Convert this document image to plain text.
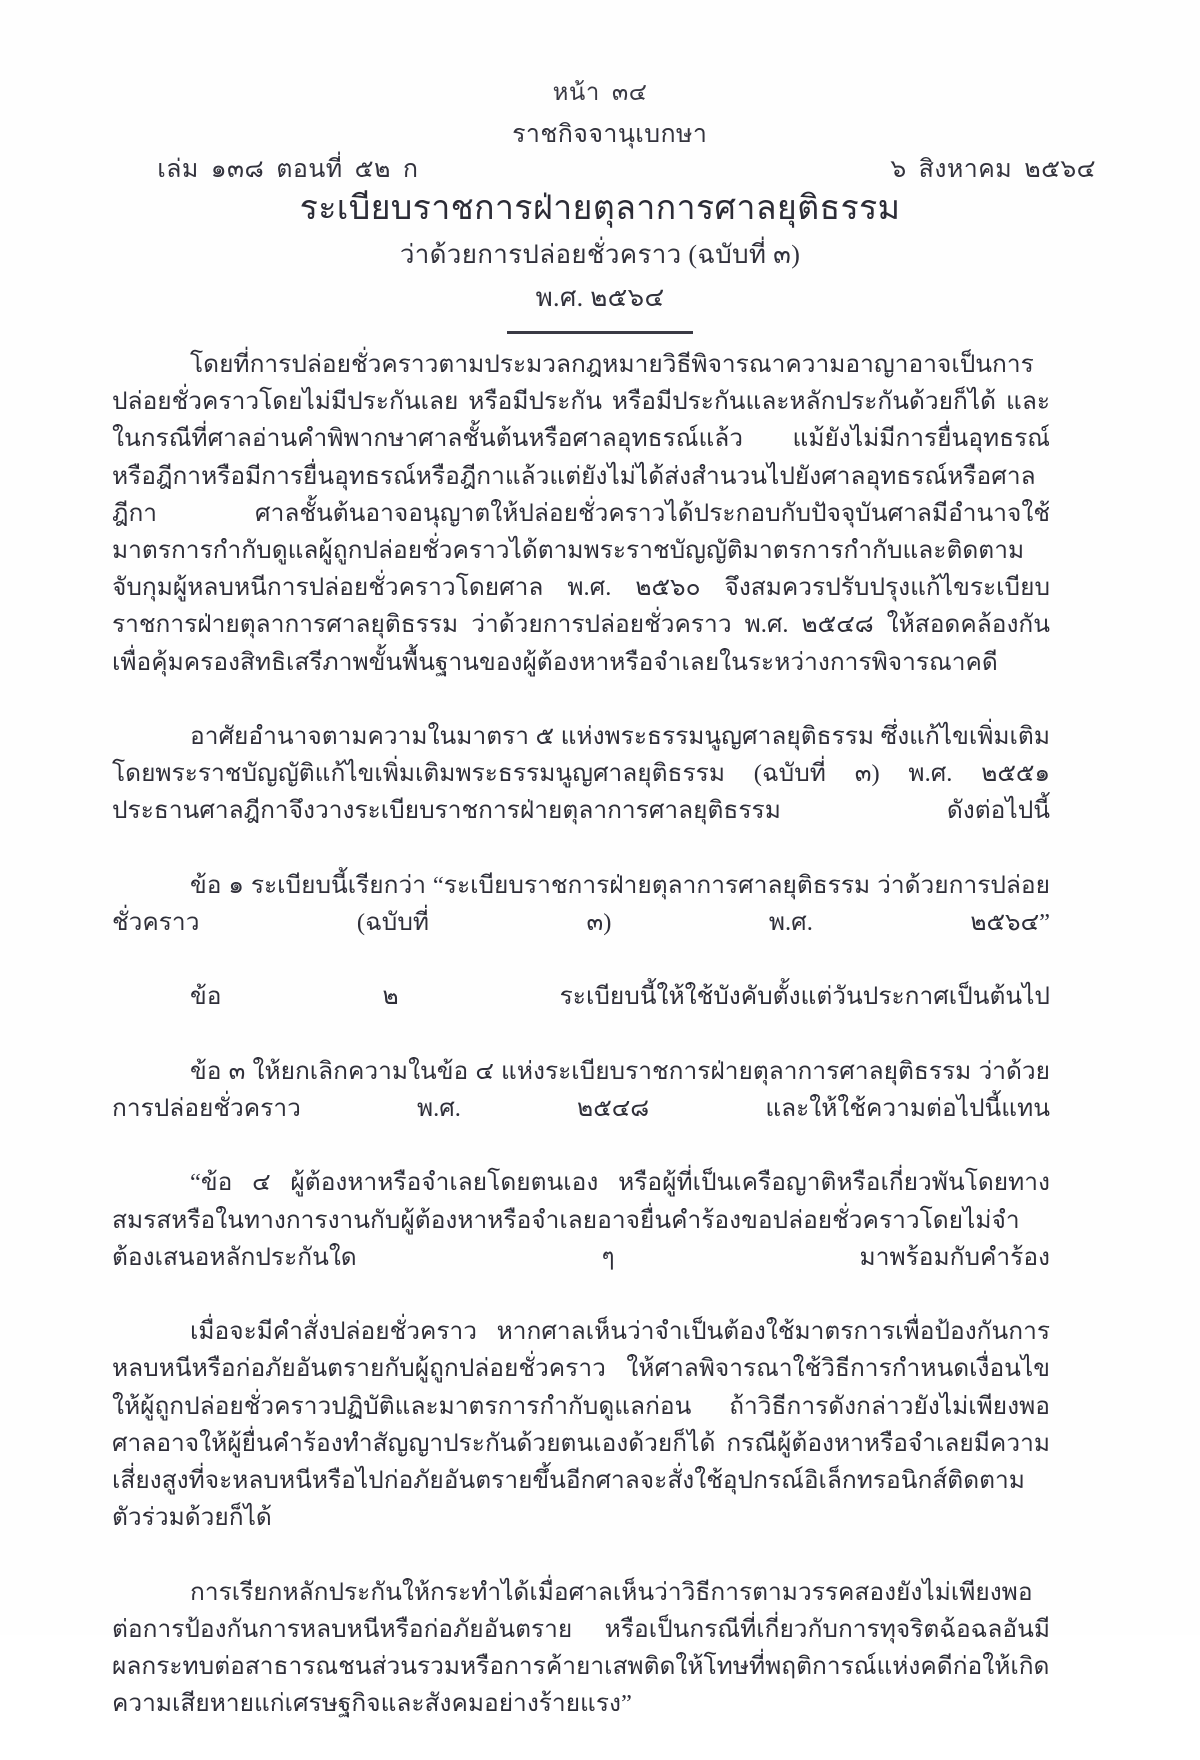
หน้า ๓๔

เล่ม ๑๓๘ ตอนที่ ๕๒ ก

ราชกิจจานุเบกษา

๖ สิงหาคม ๒๕๖๔

ระเบียบราชการฝ่ายตุลาการศาลยุติธรรม
ว่าด้วยการปล่อยชั่วคราว (ฉบับที่ ๓)
พ.ศ. ๒๕๖๔

โดยที่การปล่อยชั่วคราวตามประมวลกฎหมายวิธีพิจารณาความอาญาอาจเป็นการปล่อยชั่วคราวโดยไม่มีประกันเลย หรือมีประกัน หรือมีประกันและหลักประกันด้วยก็ได้ และในกรณีที่ศาลอ่านคำพิพากษาศาลชั้นต้นหรือศาลอุทธรณ์แล้ว แม้ยังไม่มีการยื่นอุทธรณ์หรือฎีกาหรือมีการยื่นอุทธรณ์หรือฎีกาแล้วแต่ยังไม่ได้ส่งสำนวนไปยังศาลอุทธรณ์หรือศาลฎีกา ศาลชั้นต้นอาจอนุญาตให้ปล่อยชั่วคราวได้ประกอบกับปัจจุบันศาลมีอำนาจใช้มาตรการกำกับดูแลผู้ถูกปล่อยชั่วคราวได้ตามพระราชบัญญัติมาตรการกำกับและติดตามจับกุมผู้หลบหนีการปล่อยชั่วคราวโดยศาล พ.ศ. ๒๕๖๐ จึงสมควรปรับปรุงแก้ไขระเบียบราชการฝ่ายตุลาการศาลยุติธรรม ว่าด้วยการปล่อยชั่วคราว พ.ศ. ๒๕๔๘ ให้สอดคล้องกันเพื่อคุ้มครองสิทธิเสรีภาพขั้นพื้นฐานของผู้ต้องหาหรือจำเลยในระหว่างการพิจารณาคดี

อาศัยอำนาจตามความในมาตรา ๕ แห่งพระธรรมนูญศาลยุติธรรม ซึ่งแก้ไขเพิ่มเติมโดยพระราชบัญญัติแก้ไขเพิ่มเติมพระธรรมนูญศาลยุติธรรม (ฉบับที่ ๓) พ.ศ. ๒๕๕๑ ประธานศาลฎีกาจึงวางระเบียบราชการฝ่ายตุลาการศาลยุติธรรม ดังต่อไปนี้

ข้อ ๑ ระเบียบนี้เรียกว่า “ระเบียบราชการฝ่ายตุลาการศาลยุติธรรม ว่าด้วยการปล่อยชั่วคราว (ฉบับที่ ๓) พ.ศ. ๒๕๖๔”

ข้อ ๒ ระเบียบนี้ให้ใช้บังคับตั้งแต่วันประกาศเป็นต้นไป

ข้อ ๓ ให้ยกเลิกความในข้อ ๔ แห่งระเบียบราชการฝ่ายตุลาการศาลยุติธรรม ว่าด้วยการปล่อยชั่วคราว พ.ศ. ๒๕๔๘ และให้ใช้ความต่อไปนี้แทน

“ข้อ ๔ ผู้ต้องหาหรือจำเลยโดยตนเอง หรือผู้ที่เป็นเครือญาติหรือเกี่ยวพันโดยทางสมรสหรือในทางการงานกับผู้ต้องหาหรือจำเลยอาจยื่นคำร้องขอปล่อยชั่วคราวโดยไม่จำต้องเสนอหลักประกันใด ๆ มาพร้อมกับคำร้อง

เมื่อจะมีคำสั่งปล่อยชั่วคราว หากศาลเห็นว่าจำเป็นต้องใช้มาตรการเพื่อป้องกันการหลบหนีหรือก่อภัยอันตรายกับผู้ถูกปล่อยชั่วคราว ให้ศาลพิจารณาใช้วิธีการกำหนดเงื่อนไขให้ผู้ถูกปล่อยชั่วคราวปฏิบัติและมาตรการกำกับดูแลก่อน ถ้าวิธีการดังกล่าวยังไม่เพียงพอ ศาลอาจให้ผู้ยื่นคำร้องทำสัญญาประกันด้วยตนเองด้วยก็ได้ กรณีผู้ต้องหาหรือจำเลยมีความเสี่ยงสูงที่จะหลบหนีหรือไปก่อภัยอันตรายขึ้นอีกศาลจะสั่งใช้อุปกรณ์อิเล็กทรอนิกส์ติดตามตัวร่วมด้วยก็ได้

การเรียกหลักประกันให้กระทำได้เมื่อศาลเห็นว่าวิธีการตามวรรคสองยังไม่เพียงพอต่อการป้องกันการหลบหนีหรือก่อภัยอันตราย หรือเป็นกรณีที่เกี่ยวกับการทุจริตฉ้อฉลอันมีผลกระทบต่อสาธารณชนส่วนรวมหรือการค้ายาเสพติดให้โทษที่พฤติการณ์แห่งคดีก่อให้เกิดความเสียหายแก่เศรษฐกิจและสังคมอย่างร้ายแรง”
